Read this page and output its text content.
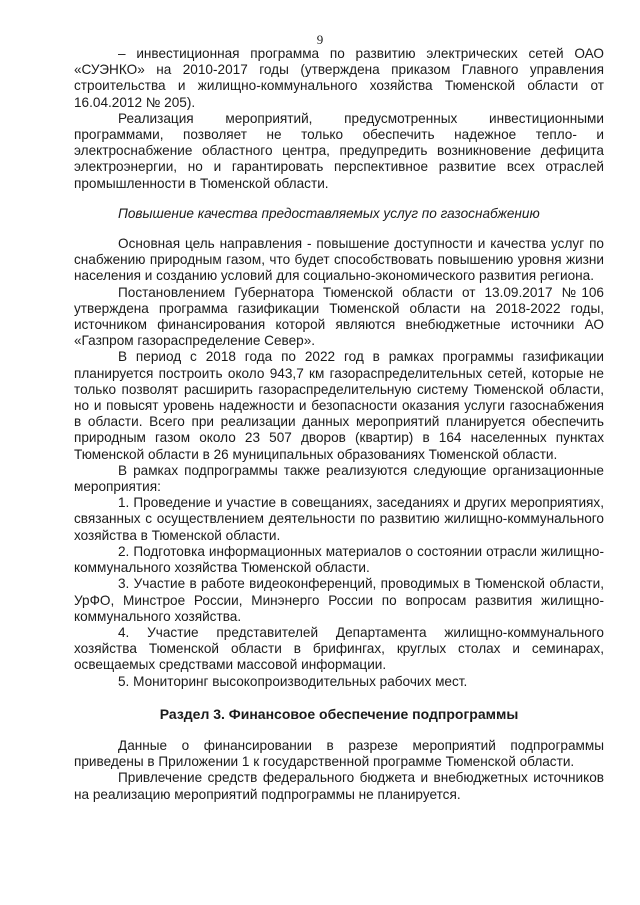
9

– инвестиционная программа по развитию электрических сетей ОАО «СУЭНКО» на 2010-2017 годы (утверждена приказом Главного управления строительства и жилищно-коммунального хозяйства Тюменской области от 16.04.2012 № 205).

Реализация мероприятий, предусмотренных инвестиционными программами, позволяет не только обеспечить надежное тепло- и электроснабжение областного центра, предупредить возникновение дефицита электроэнергии, но и гарантировать перспективное развитие всех отраслей промышленности в Тюменской области.

Повышение качества предоставляемых услуг по газоснабжению

Основная цель направления - повышение доступности и качества услуг по снабжению природным газом, что будет способствовать повышению уровня жизни населения и созданию условий для социально-экономического развития региона.

Постановлением Губернатора Тюменской области от 13.09.2017 №106 утверждена программа газификации Тюменской области на 2018-2022 годы, источником финансирования которой являются внебюджетные источники АО «Газпром газораспределение Север».

В период с 2018 года по 2022 год в рамках программы газификации планируется построить около 943,7 км газораспределительных сетей, которые не только позволят расширить газораспределительную систему Тюменской области, но и повысят уровень надежности и безопасности оказания услуги газоснабжения в области. Всего при реализации данных мероприятий планируется обеспечить природным газом около 23 507 дворов (квартир) в 164 населенных пунктах Тюменской области в 26 муниципальных образованиях Тюменской области.

В рамках подпрограммы также реализуются следующие организационные мероприятия:

1. Проведение и участие в совещаниях, заседаниях и других мероприятиях, связанных с осуществлением деятельности по развитию жилищно-коммунального хозяйства в Тюменской области.

2. Подготовка информационных материалов о состоянии отрасли жилищно-коммунального хозяйства Тюменской области.

3. Участие в работе видеоконференций, проводимых в Тюменской области, УрФО, Минстрое России, Минэнерго России по вопросам развития жилищно-коммунального хозяйства.

4. Участие представителей Департамента жилищно-коммунального хозяйства Тюменской области в брифингах, круглых столах и семинарах, освещаемых средствами массовой информации.

5. Мониторинг высокопроизводительных рабочих мест.

Раздел 3. Финансовое обеспечение подпрограммы

Данные о финансировании в разрезе мероприятий подпрограммы приведены в Приложении 1 к государственной программе Тюменской области.

Привлечение средств федерального бюджета и внебюджетных источников на реализацию мероприятий подпрограммы не планируется.
